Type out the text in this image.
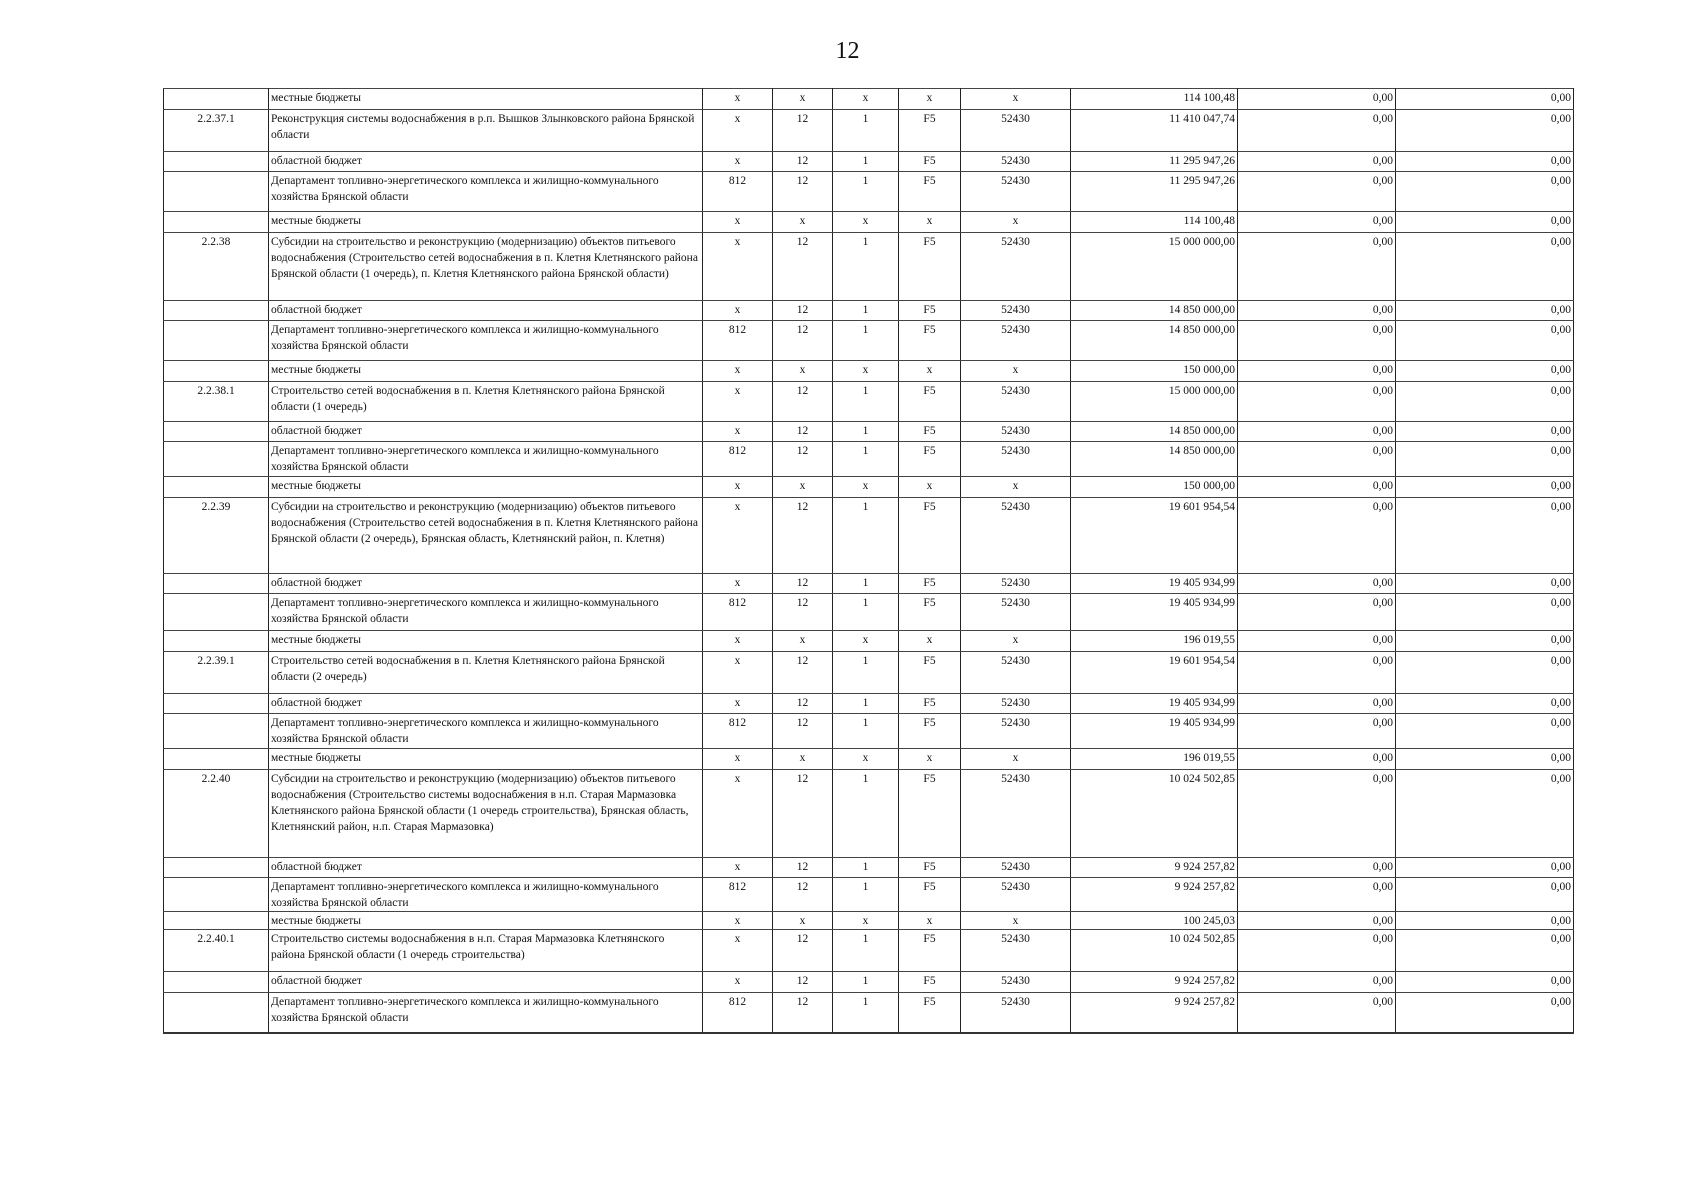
12
	местные бюджеты	x	x	x	x	x	114 100,48	0,00	0,00
2.2.37.1	Реконструкция системы водоснабжения в р.п. Вышков Злынковского района Брянской области	x	12	1	F5	52430	11 410 047,74	0,00	0,00
	областной бюджет	x	12	1	F5	52430	11 295 947,26	0,00	0,00
	Департамент топливно-энергетического комплекса и жилищно-коммунального хозяйства Брянской области	812	12	1	F5	52430	11 295 947,26	0,00	0,00
	местные бюджеты	x	x	x	x	x	114 100,48	0,00	0,00
2.2.38	Субсидии на строительство и реконструкцию (модернизацию) объектов питьевого водоснабжения (Строительство сетей водоснабжения в п. Клетня Клетнянского района Брянской области (1 очередь), п. Клетня Клетнянского района Брянской области)	x	12	1	F5	52430	15 000 000,00	0,00	0,00
	областной бюджет	x	12	1	F5	52430	14 850 000,00	0,00	0,00
	Департамент топливно-энергетического комплекса и жилищно-коммунального хозяйства Брянской области	812	12	1	F5	52430	14 850 000,00	0,00	0,00
	местные бюджеты	x	x	x	x	x	150 000,00	0,00	0,00
2.2.38.1	Строительство сетей водоснабжения в п. Клетня Клетнянского района Брянской области (1 очередь)	x	12	1	F5	52430	15 000 000,00	0,00	0,00
	областной бюджет	x	12	1	F5	52430	14 850 000,00	0,00	0,00
	Департамент топливно-энергетического комплекса и жилищно-коммунального хозяйства Брянской области	812	12	1	F5	52430	14 850 000,00	0,00	0,00
	местные бюджеты	x	x	x	x	x	150 000,00	0,00	0,00
2.2.39	Субсидии на строительство и реконструкцию (модернизацию) объектов питьевого водоснабжения (Строительство сетей водоснабжения в п. Клетня Клетнянского района Брянской области (2 очередь), Брянская область, Клетнянский район, п. Клетня)	x	12	1	F5	52430	19 601 954,54	0,00	0,00
	областной бюджет	x	12	1	F5	52430	19 405 934,99	0,00	0,00
	Департамент топливно-энергетического комплекса и жилищно-коммунального хозяйства Брянской области	812	12	1	F5	52430	19 405 934,99	0,00	0,00
	местные бюджеты	x	x	x	x	x	196 019,55	0,00	0,00
2.2.39.1	Строительство сетей водоснабжения в п. Клетня Клетнянского района Брянской области (2 очередь)	x	12	1	F5	52430	19 601 954,54	0,00	0,00
	областной бюджет	x	12	1	F5	52430	19 405 934,99	0,00	0,00
	Департамент топливно-энергетического комплекса и жилищно-коммунального хозяйства Брянской области	812	12	1	F5	52430	19 405 934,99	0,00	0,00
	местные бюджеты	x	x	x	x	x	196 019,55	0,00	0,00
2.2.40	Субсидии на строительство и реконструкцию (модернизацию) объектов питьевого водоснабжения (Строительство системы водоснабжения в н.п. Старая Мармазовка Клетнянского района Брянской области (1 очередь строительства), Брянская область, Клетнянский район, н.п. Старая Мармазовка)	x	12	1	F5	52430	10 024 502,85	0,00	0,00
	областной бюджет	x	12	1	F5	52430	9 924 257,82	0,00	0,00
	Департамент топливно-энергетического комплекса и жилищно-коммунального хозяйства Брянской области	812	12	1	F5	52430	9 924 257,82	0,00	0,00
	местные бюджеты	x	x	x	x	x	100 245,03	0,00	0,00
2.2.40.1	Строительство системы водоснабжения в н.п. Старая Мармазовка Клетнянского района Брянской области (1 очередь строительства)	x	12	1	F5	52430	10 024 502,85	0,00	0,00
	областной бюджет	x	12	1	F5	52430	9 924 257,82	0,00	0,00
	Департамент топливно-энергетического комплекса и жилищно-коммунального хозяйства Брянской области	812	12	1	F5	52430	9 924 257,82	0,00	0,00
